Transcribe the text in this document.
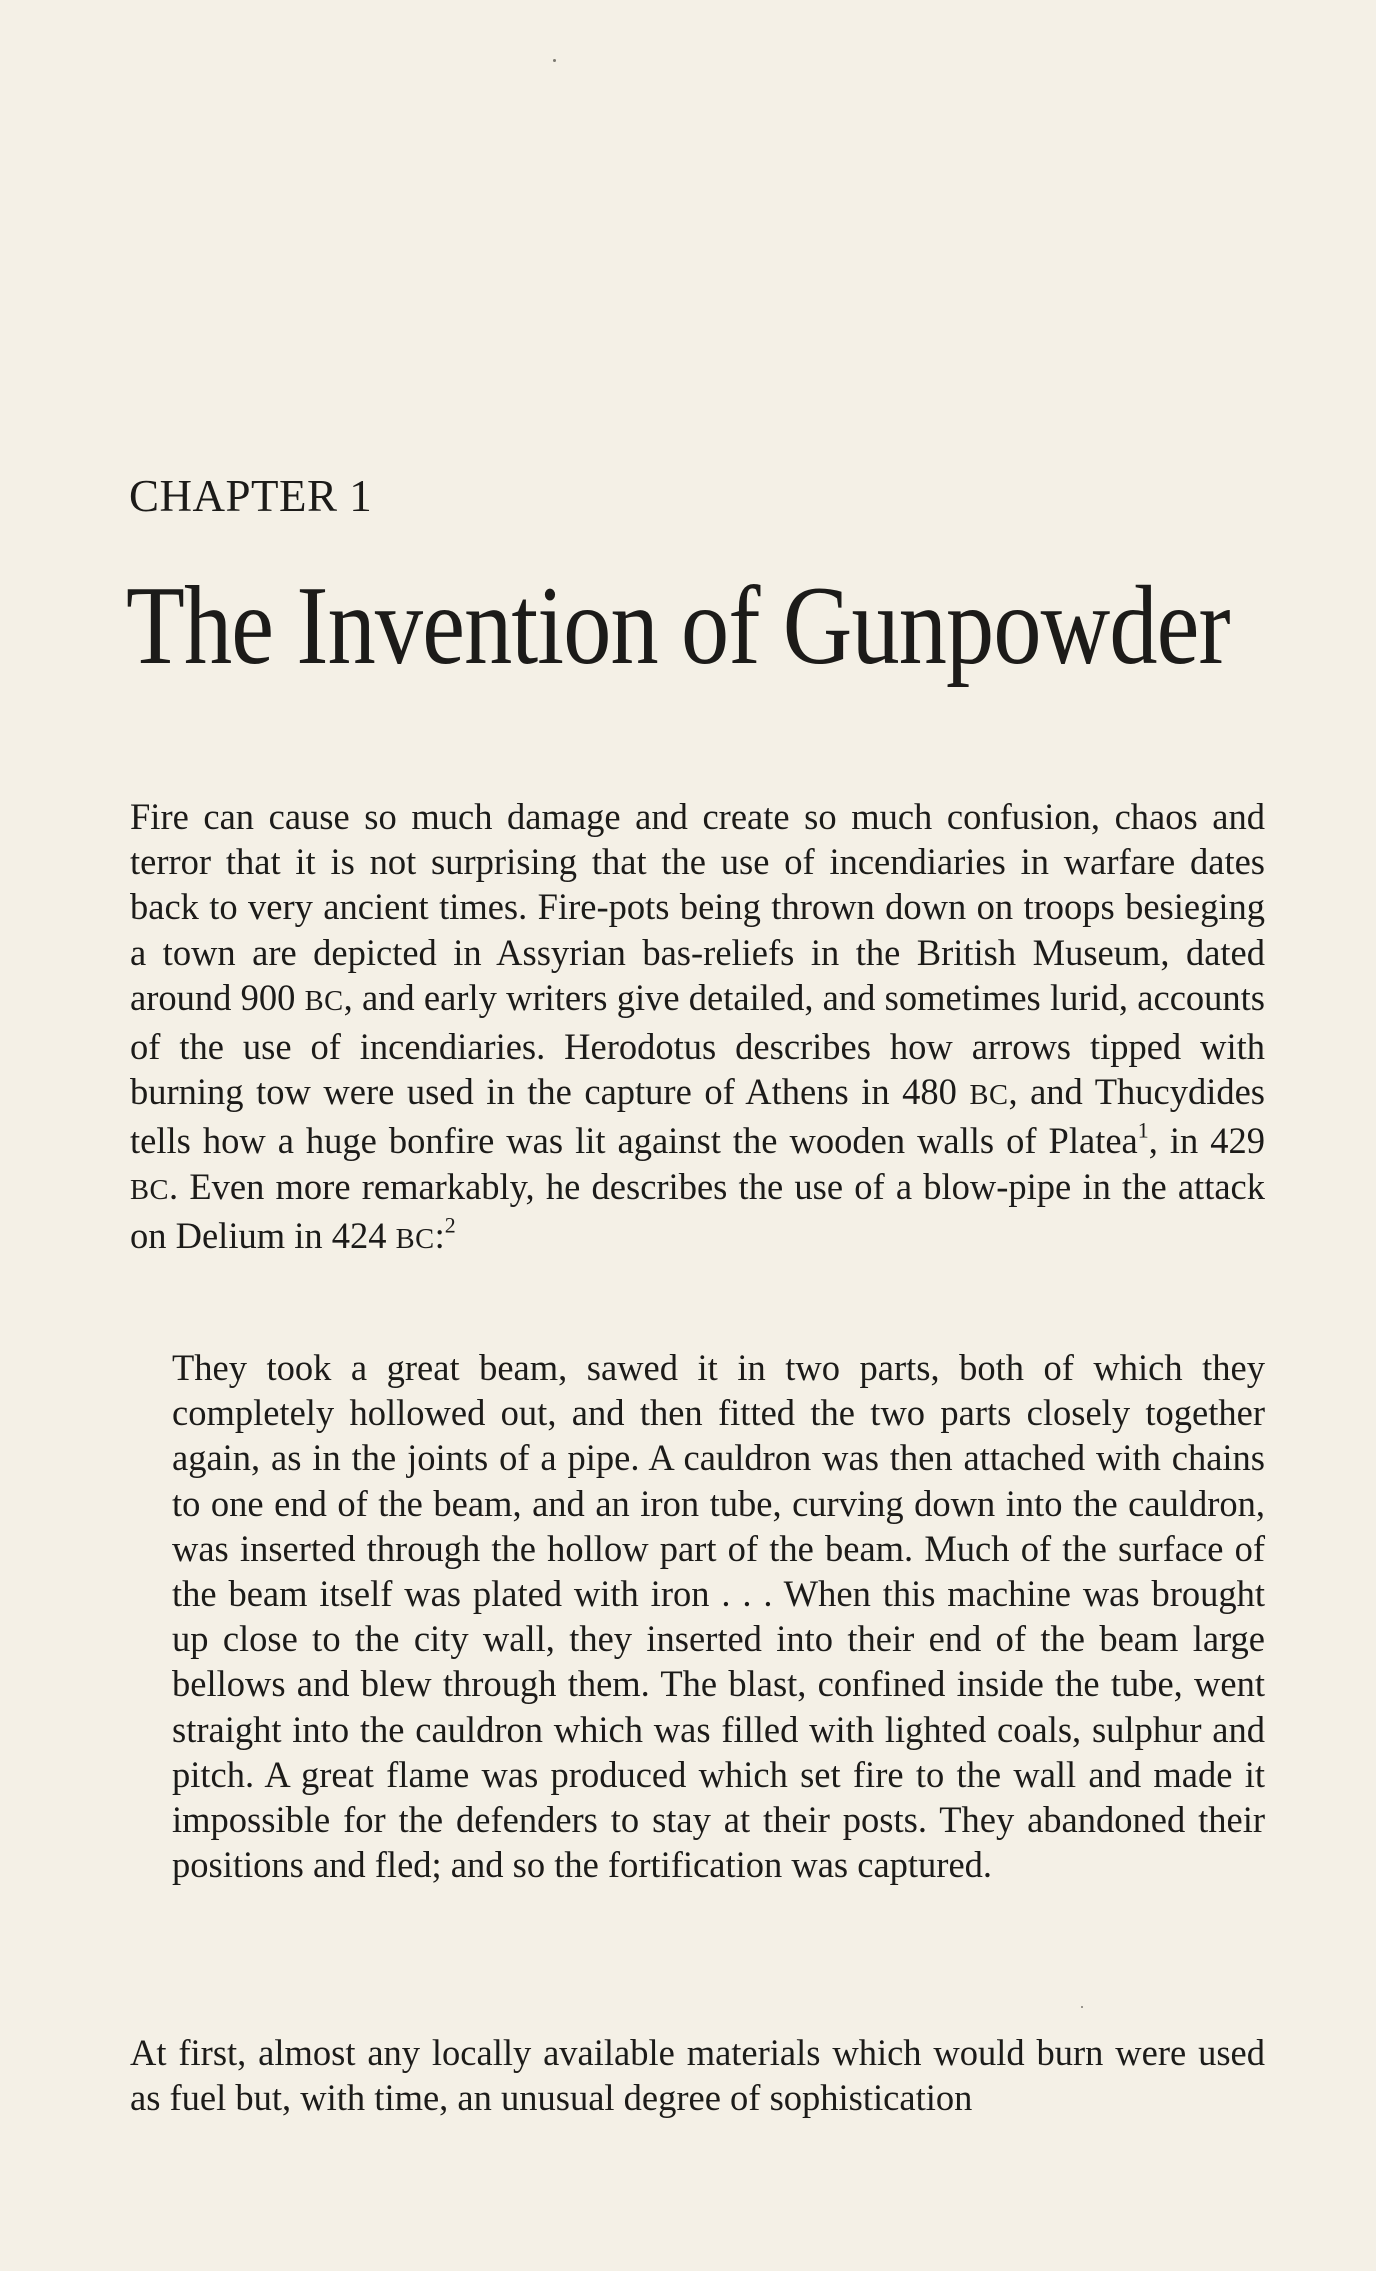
CHAPTER 1
The Invention of Gunpowder

Fire can cause so much damage and create so much confusion, chaos and terror that it is not surprising that the use of incendiaries in warfare dates back to very ancient times. Fire-pots being thrown down on troops besieging a town are depicted in Assyrian bas-reliefs in the British Museum, dated around 900 BC, and early writers give detailed, and sometimes lurid, accounts of the use of incendiaries. Herodotus describes how arrows tipped with burning tow were used in the capture of Athens in 480 BC, and Thucydides tells how a huge bonfire was lit against the wooden walls of Platea$^1$, in 429 BC. Even more remarkably, he describes the use of a blow-pipe in the attack on Delium in 424 BC:$^2$

They took a great beam, sawed it in two parts, both of which they completely hollowed out, and then fitted the two parts closely together again, as in the joints of a pipe. A cauldron was then attached with chains to one end of the beam, and an iron tube, curving down into the cauldron, was inserted through the hollow part of the beam. Much of the surface of the beam itself was plated with iron . . . When this machine was brought up close to the city wall, they inserted into their end of the beam large bellows and blew through them. The blast, confined inside the tube, went straight into the cauldron which was filled with lighted coals, sulphur and pitch. A great flame was produced which set fire to the wall and made it impossible for the defenders to stay at their posts. They abandoned their positions and fled; and so the fortification was captured.

At first, almost any locally available materials which would burn were used as fuel but, with time, an unusual degree of sophistication
